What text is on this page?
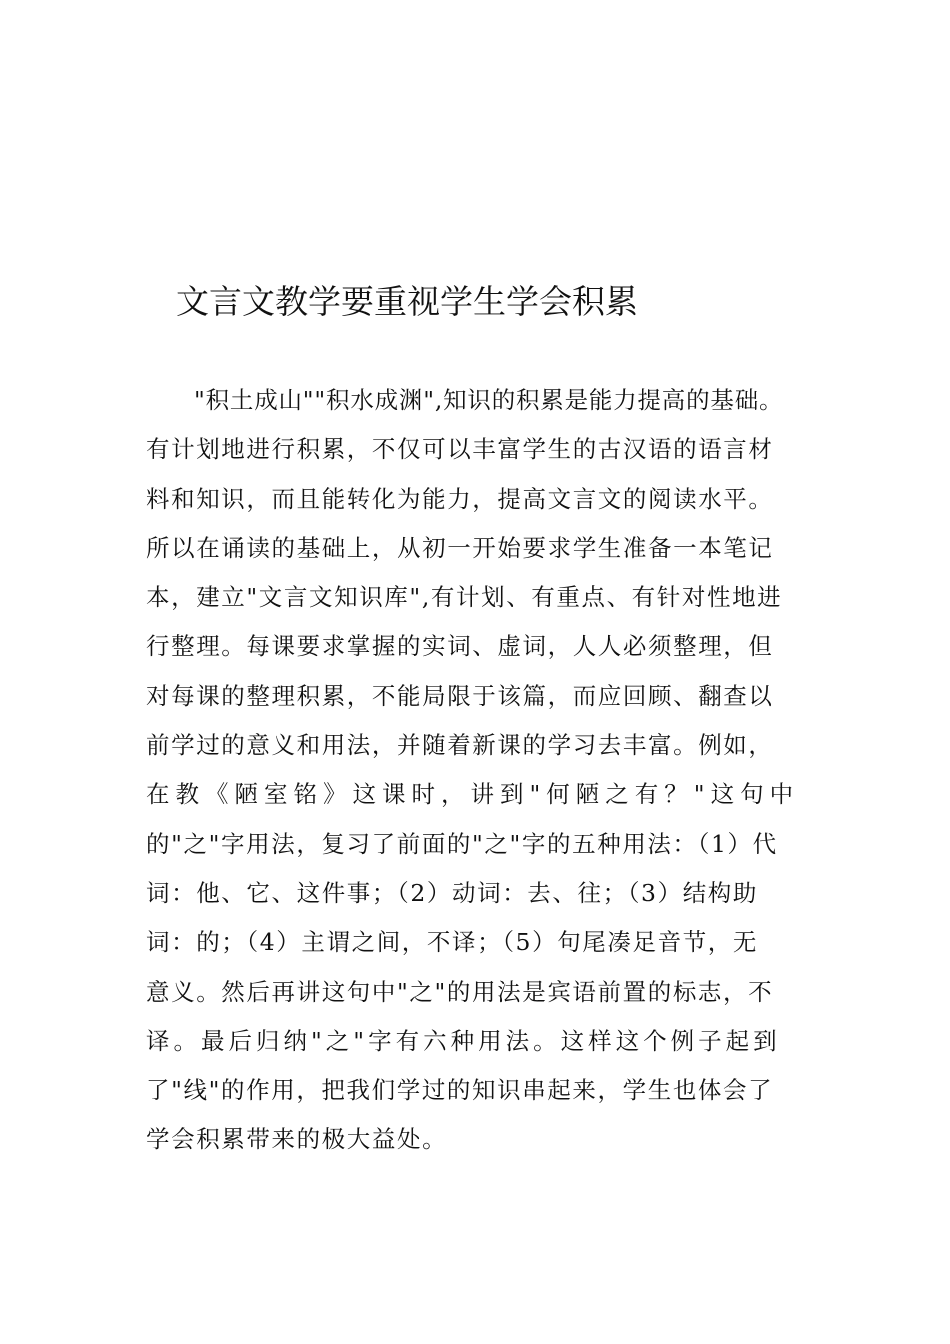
文言文教学要重视学生学会积累
"积土成山""积水成渊",知识的积累是能力提高的基础。
有计划地进行积累，不仅可以丰富学生的古汉语的语言材
料和知识，而且能转化为能力，提高文言文的阅读水平。
所以在诵读的基础上，从初一开始要求学生准备一本笔记
本，建立"文言文知识库",有计划、有重点、有针对性地进
行整理。每课要求掌握的实词、虚词，人人必须整理，但
对每课的整理积累，不能局限于该篇，而应回顾、翻查以
前学过的意义和用法，并随着新课的学习去丰富。例如，
在教《陋室铭》这课时，讲到"何陋之有？"这句中
的"之"字用法，复习了前面的"之"字的五种用法：（1）代
词：他、它、这件事；（2）动词：去、往；（3）结构助
词：的；（4）主谓之间，不译；（5）句尾凑足音节，无
意义。然后再讲这句中"之"的用法是宾语前置的标志，不
译。最后归纳"之"字有六种用法。这样这个例子起到
了"线"的作用，把我们学过的知识串起来，学生也体会了
学会积累带来的极大益处。
